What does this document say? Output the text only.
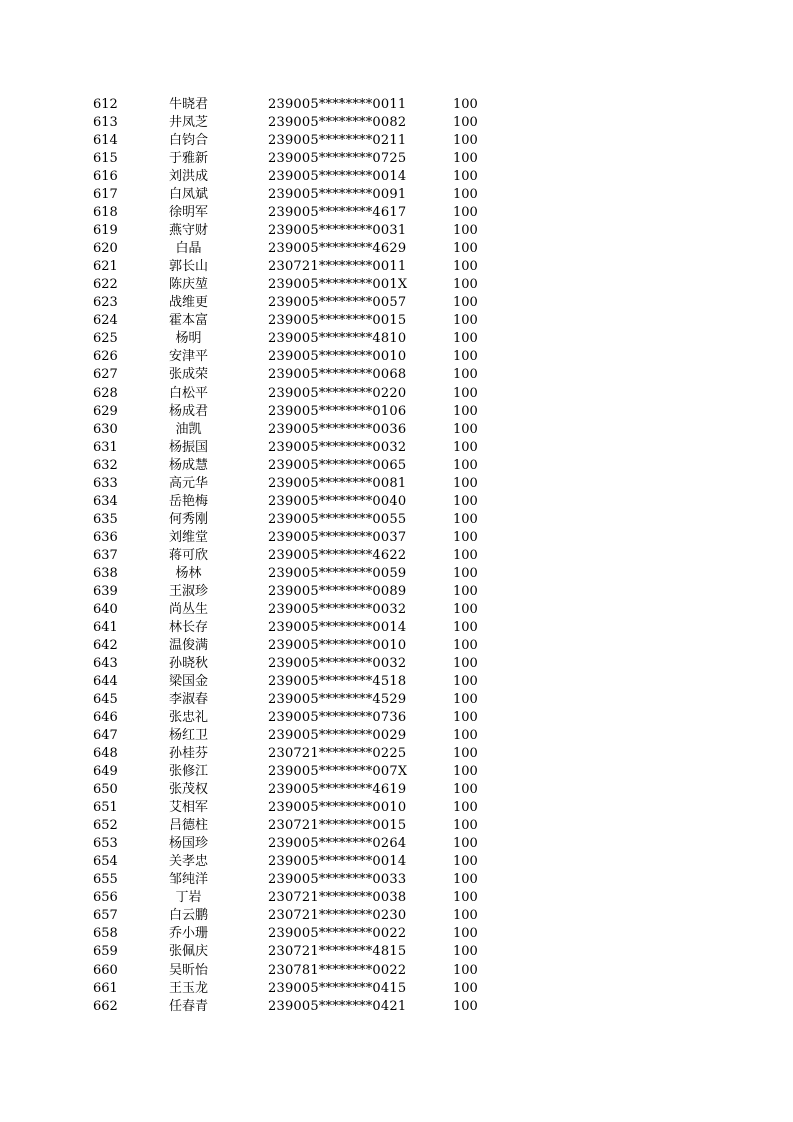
612	牛晓君	239005********0011	100
613	井凤芝	239005********0082	100
614	白钧合	239005********0211	100
615	于雅新	239005********0725	100
616	刘洪成	239005********0014	100
617	白凤斌	239005********0091	100
618	徐明军	239005********4617	100
619	燕守财	239005********0031	100
620	白晶	239005********4629	100
621	郭长山	230721********0011	100
622	陈庆堃	239005********001X	100
623	战维更	239005********0057	100
624	霍本富	239005********0015	100
625	杨明	239005********4810	100
626	安津平	239005********0010	100
627	张成荣	239005********0068	100
628	白松平	239005********0220	100
629	杨成君	239005********0106	100
630	油凯	239005********0036	100
631	杨振国	239005********0032	100
632	杨成慧	239005********0065	100
633	高元华	239005********0081	100
634	岳艳梅	239005********0040	100
635	何秀刚	239005********0055	100
636	刘维堂	239005********0037	100
637	蒋可欣	239005********4622	100
638	杨林	239005********0059	100
639	王淑珍	239005********0089	100
640	尚丛生	239005********0032	100
641	林长存	239005********0014	100
642	温俊满	239005********0010	100
643	孙晓秋	239005********0032	100
644	梁国金	239005********4518	100
645	李淑春	239005********4529	100
646	张忠礼	239005********0736	100
647	杨红卫	239005********0029	100
648	孙桂芬	230721********0225	100
649	张修江	239005********007X	100
650	张茂权	239005********4619	100
651	艾相军	239005********0010	100
652	吕德柱	230721********0015	100
653	杨国珍	239005********0264	100
654	关孝忠	239005********0014	100
655	邹纯洋	239005********0033	100
656	丁岩	230721********0038	100
657	白云鹏	230721********0230	100
658	乔小珊	239005********0022	100
659	张佩庆	230721********4815	100
660	吴昕怡	230781********0022	100
661	王玉龙	239005********0415	100
662	任春青	239005********0421	100
